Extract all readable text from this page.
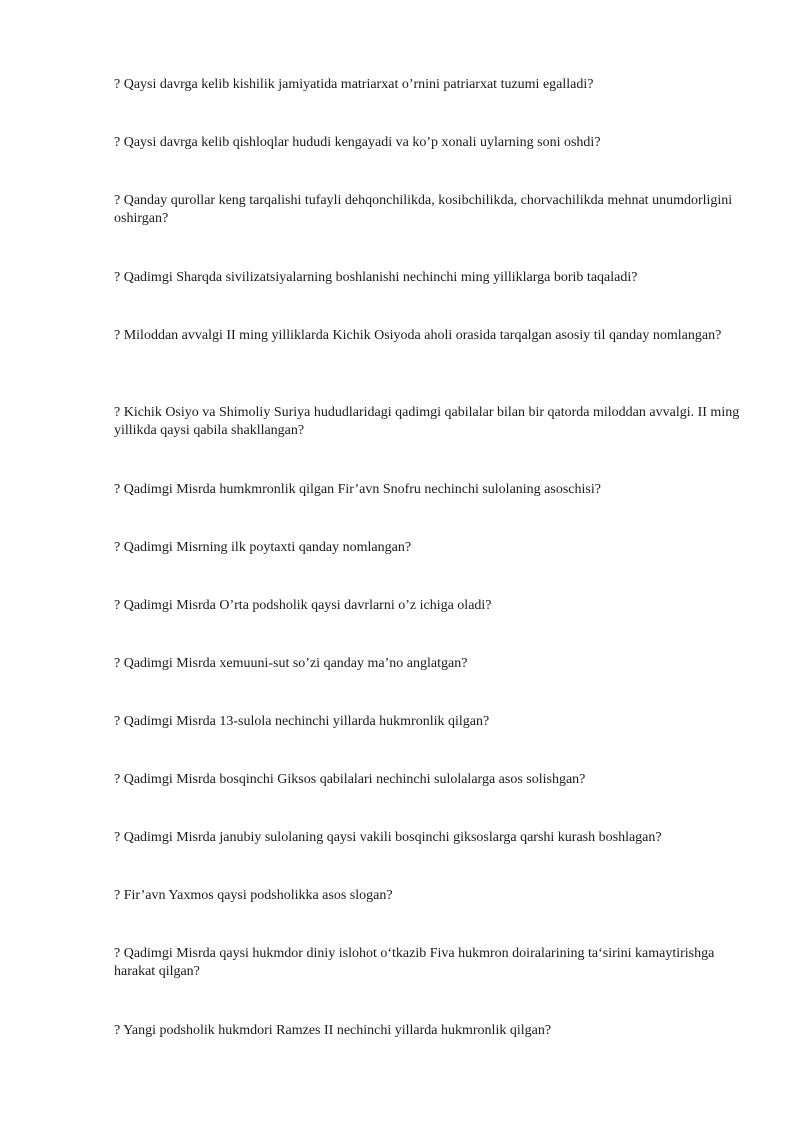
? Qaysi davrga kelib kishilik jamiyatida matriarxat o’rnini patriarxat tuzumi egalladi?

? Qaysi davrga kelib qishloqlar hududi kengayadi va ko’p xonali uylarning soni oshdi?

? Qanday qurollar keng tarqalishi tufayli dehqonchilikda, kosibchilikda, chorvachilikda mehnat unumdorligini oshirgan?

? Qadimgi Sharqda sivilizatsiyalarning boshlanishi nechinchi ming yilliklarga borib taqaladi?

? Miloddan avvalgi II ming yilliklarda Kichik Osiyoda aholi orasida tarqalgan asosiy til qanday nomlangan?

? Kichik Osiyo va Shimoliy Suriya hududlaridagi qadimgi qabilalar bilan bir qatorda miloddan avvalgi. II ming yillikda qaysi qabila shakllangan?

? Qadimgi Misrda humkmronlik qilgan Fir’avn Snofru nechinchi sulolaning asoschisi?

? Qadimgi Misrning ilk poytaxti qanday nomlangan?

? Qadimgi Misrda O’rta podsholik qaysi davrlarni o’z ichiga oladi?

? Qadimgi Misrda xemuuni-sut so’zi qanday ma’no anglatgan?

? Qadimgi Misrda 13-sulola nechinchi yillarda hukmronlik qilgan?

? Qadimgi Misrda bosqinchi Giksos qabilalari nechinchi sulolalarga asos solishgan?

? Qadimgi Misrda janubiy sulolaning qaysi vakili bosqinchi giksoslarga qarshi kurash boshlagan?

? Fir’avn Yaxmos qaysi podsholikka asos slogan?

? Qadimgi Misrda qaysi hukmdor diniy islohot o‘tkazib Fiva hukmron doiralarining ta‘sirini kamaytirishga harakat qilgan?

? Yangi podsholik hukmdori Ramzes II nechinchi yillarda hukmronlik qilgan?
